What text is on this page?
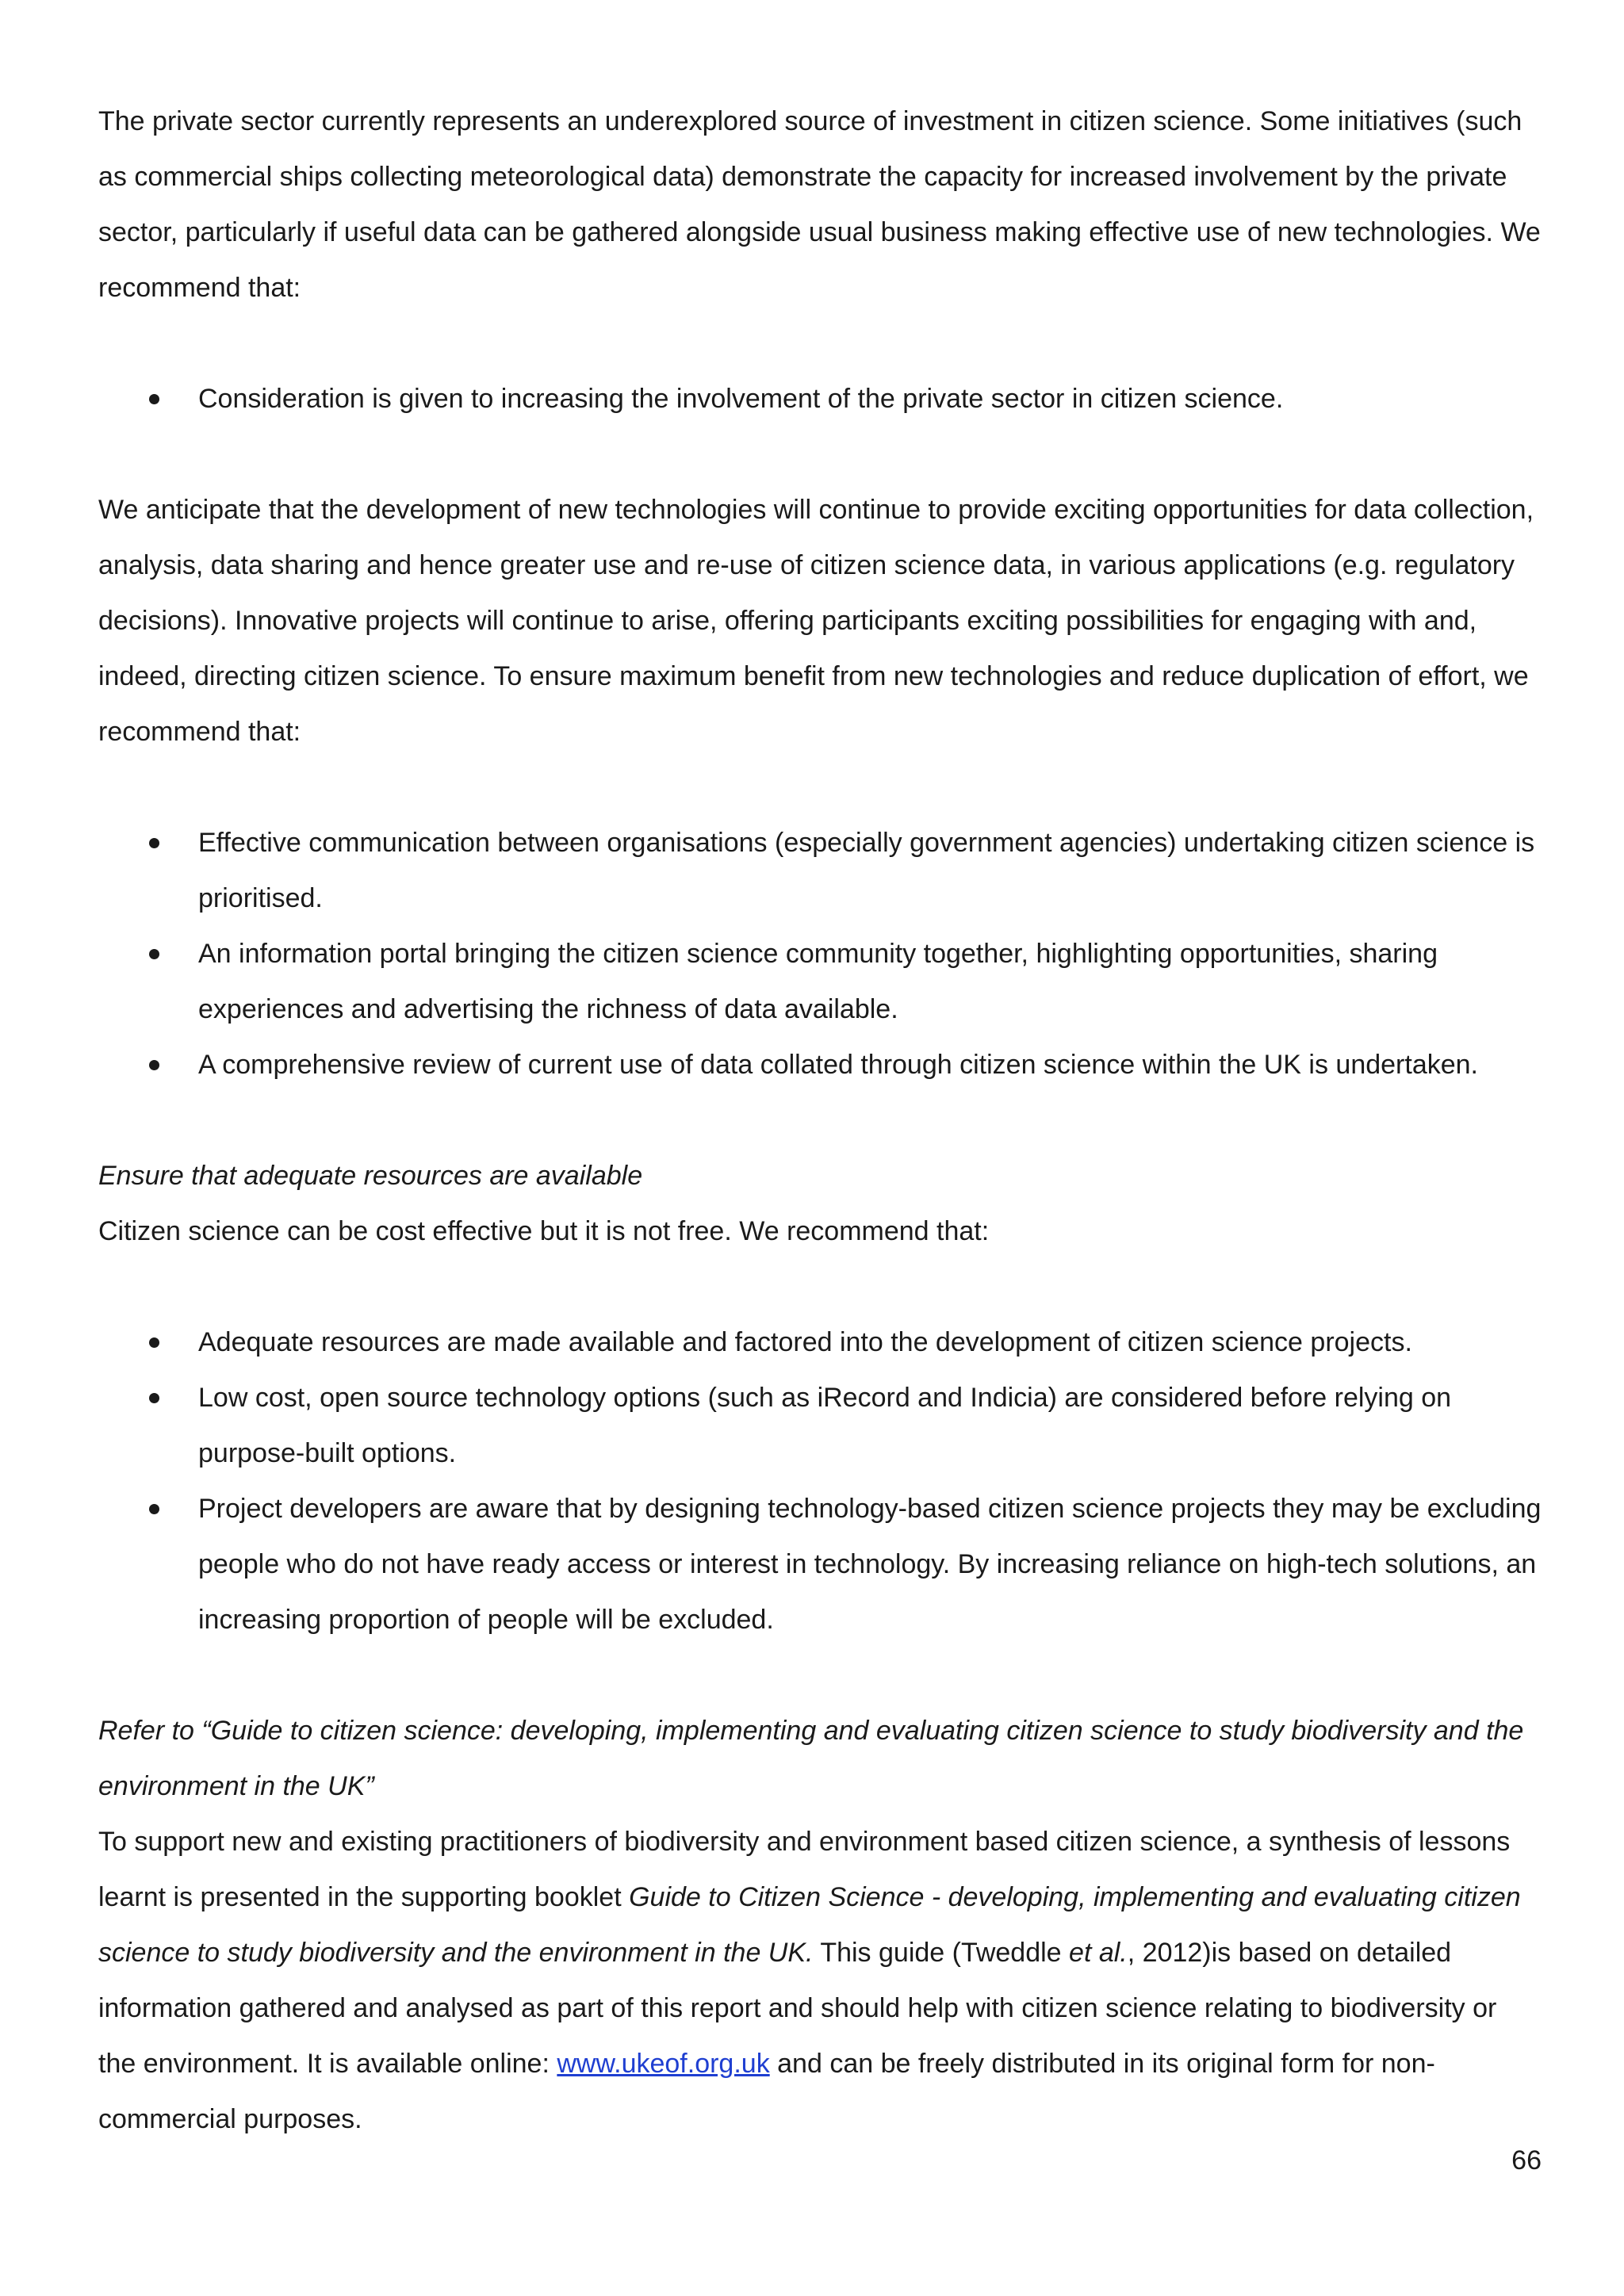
The private sector currently represents an underexplored source of investment in citizen science. Some initiatives (such as commercial ships collecting meteorological data) demonstrate the capacity for increased involvement by the private sector, particularly if useful data can be gathered alongside usual business making effective use of new technologies. We recommend that:

Consideration is given to increasing the involvement of the private sector in citizen science.

We anticipate that the development of new technologies will continue to provide exciting opportunities for data collection, analysis, data sharing and hence greater use and re-use of citizen science data, in various applications (e.g. regulatory decisions). Innovative projects will continue to arise, offering participants exciting possibilities for engaging with and, indeed, directing citizen science. To ensure maximum benefit from new technologies and reduce duplication of effort, we recommend that:

Effective communication between organisations (especially government agencies) undertaking citizen science is prioritised.
An information portal bringing the citizen science community together, highlighting opportunities, sharing experiences and advertising the richness of data available.
A comprehensive review of current use of data collated through citizen science within the UK is undertaken.

Ensure that adequate resources are available

Citizen science can be cost effective but it is not free. We recommend that:

Adequate resources are made available and factored into the development of citizen science projects.
Low cost, open source technology options (such as iRecord and Indicia) are considered before relying on purpose-built options.
Project developers are aware that by designing technology-based citizen science projects they may be excluding people who do not have ready access or interest in technology. By increasing reliance on high-tech solutions, an increasing proportion of people will be excluded.

Refer to “Guide to citizen science: developing, implementing and evaluating citizen science to study biodiversity and the environment in the UK”

To support new and existing practitioners of biodiversity and environment based citizen science, a synthesis of lessons learnt is presented in the supporting booklet Guide to Citizen Science - developing, implementing and evaluating citizen science to study biodiversity and the environment in the UK. This guide (Tweddle et al., 2012)is based on detailed information gathered and analysed as part of this report and should help with citizen science relating to biodiversity or the environment. It is available online: www.ukeof.org.uk and can be freely distributed in its original form for non-commercial purposes.

66
